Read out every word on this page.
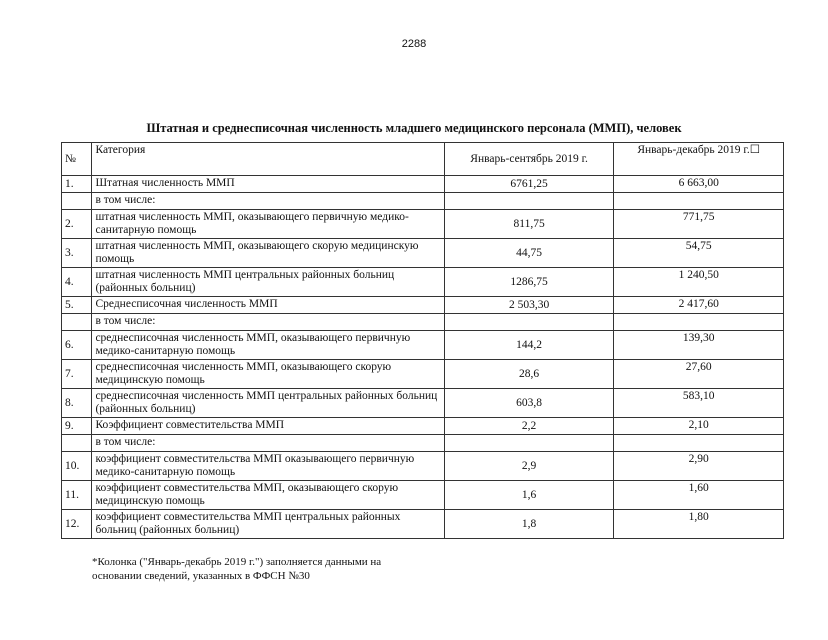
2288
Штатная и среднесписочная численность младшего медицинского персонала (ММП), человек
№	Категория	Январь-сентябрь 2019 г.	Январь-декабрь 2019 г.☐
1.	Штатная численность ММП	6761,25	6 663,00
	в том числе:		
2.	штатная численность ММП, оказывающего первичную медико-санитарную помощь	811,75	771,75
3.	штатная численность ММП, оказывающего скорую медицинскую помощь	44,75	54,75
4.	штатная численность ММП центральных районных больниц (районных больниц)	1286,75	1 240,50
5.	Среднесписочная численность ММП	2 503,30	2 417,60
	в том числе:		
6.	среднесписочная численность ММП, оказывающего первичную медико-санитарную помощь	144,2	139,30
7.	среднесписочная численность ММП, оказывающего скорую медицинскую помощь	28,6	27,60
8.	среднесписочная численность ММП центральных районных больниц (районных больниц)	603,8	583,10
9.	Коэффициент совместительства ММП	2,2	2,10
	в том числе:		
10.	коэффициент совместительства ММП оказывающего первичную медико-санитарную помощь	2,9	2,90
11.	коэффициент совместительства ММП, оказывающего скорую медицинскую помощь	1,6	1,60
12.	коэффициент совместительства ММП центральных районных больниц (районных больниц)	1,8	1,80
*Колонка ("Январь-декабрь 2019 г.") заполняется данными на основании сведений, указанных в ФФСН №30
